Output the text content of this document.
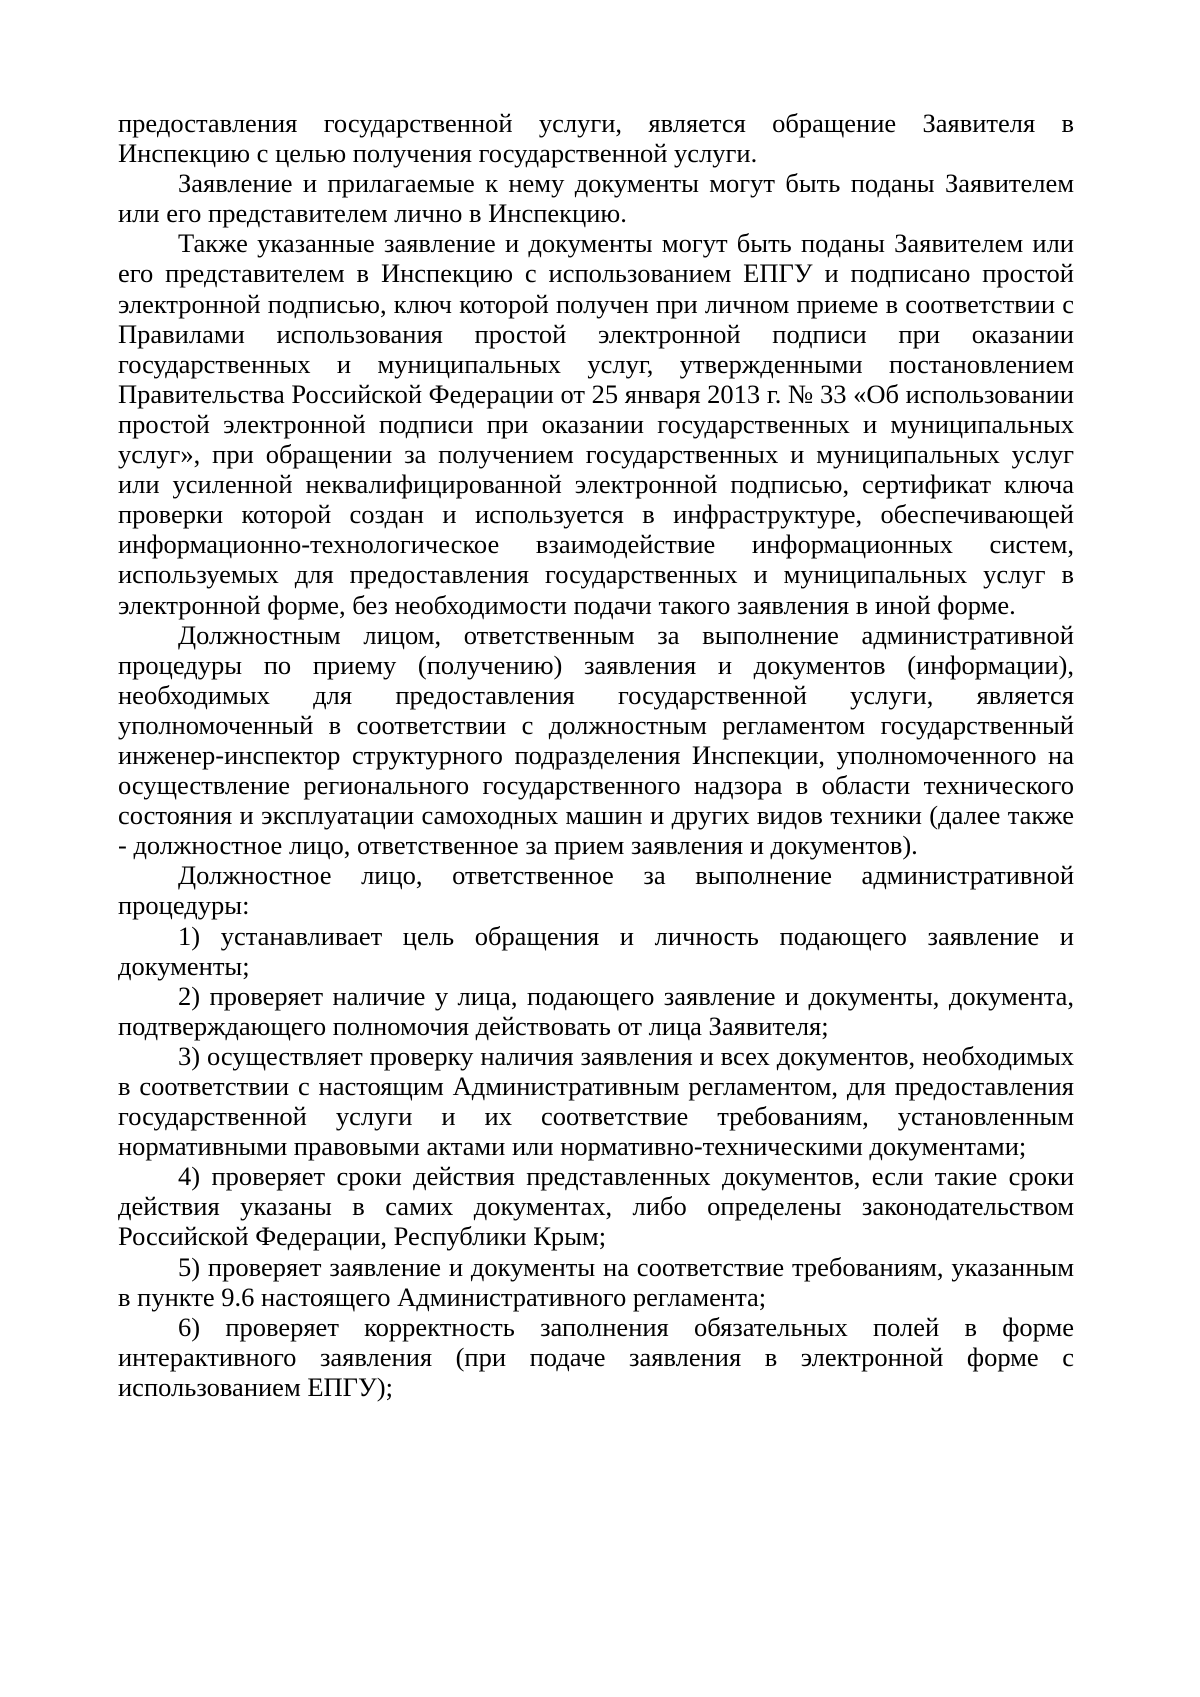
предоставления государственной услуги, является обращение Заявителя в Инспекцию с целью получения государственной услуги.

Заявление и прилагаемые к нему документы могут быть поданы Заявителем или его представителем лично в Инспекцию.

Также указанные заявление и документы могут быть поданы Заявителем или его представителем в Инспекцию с использованием ЕПГУ и подписано простой электронной подписью, ключ которой получен при личном приеме в соответствии с Правилами использования простой электронной подписи при оказании государственных и муниципальных услуг, утвержденными постановлением Правительства Российской Федерации от 25 января 2013 г. № 33 «Об использовании простой электронной подписи при оказании государственных и муниципальных услуг», при обращении за получением государственных и муниципальных услуг или усиленной неквалифицированной электронной подписью, сертификат ключа проверки которой создан и используется в инфраструктуре, обеспечивающей информационно-технологическое взаимодействие информационных систем, используемых для предоставления государственных и муниципальных услуг в электронной форме, без необходимости подачи такого заявления в иной форме.

Должностным лицом, ответственным за выполнение административной процедуры по приему (получению) заявления и документов (информации), необходимых для предоставления государственной услуги, является уполномоченный в соответствии с должностным регламентом государственный инженер-инспектор структурного подразделения Инспекции, уполномоченного на осуществление регионального государственного надзора в области технического состояния и эксплуатации самоходных машин и других видов техники (далее также - должностное лицо, ответственное за прием заявления и документов).

Должностное лицо, ответственное за выполнение административной процедуры:

1) устанавливает цель обращения и личность подающего заявление и документы;

2) проверяет наличие у лица, подающего заявление и документы, документа, подтверждающего полномочия действовать от лица Заявителя;

3) осуществляет проверку наличия заявления и всех документов, необходимых в соответствии с настоящим Административным регламентом, для предоставления государственной услуги и их соответствие требованиям, установленным нормативными правовыми актами или нормативно-техническими документами;

4) проверяет сроки действия представленных документов, если такие сроки действия указаны в самих документах, либо определены законодательством Российской Федерации, Республики Крым;

5) проверяет заявление и документы на соответствие требованиям, указанным в пункте 9.6 настоящего Административного регламента;

6) проверяет корректность заполнения обязательных полей в форме интерактивного заявления (при подаче заявления в электронной форме с использованием ЕПГУ);
